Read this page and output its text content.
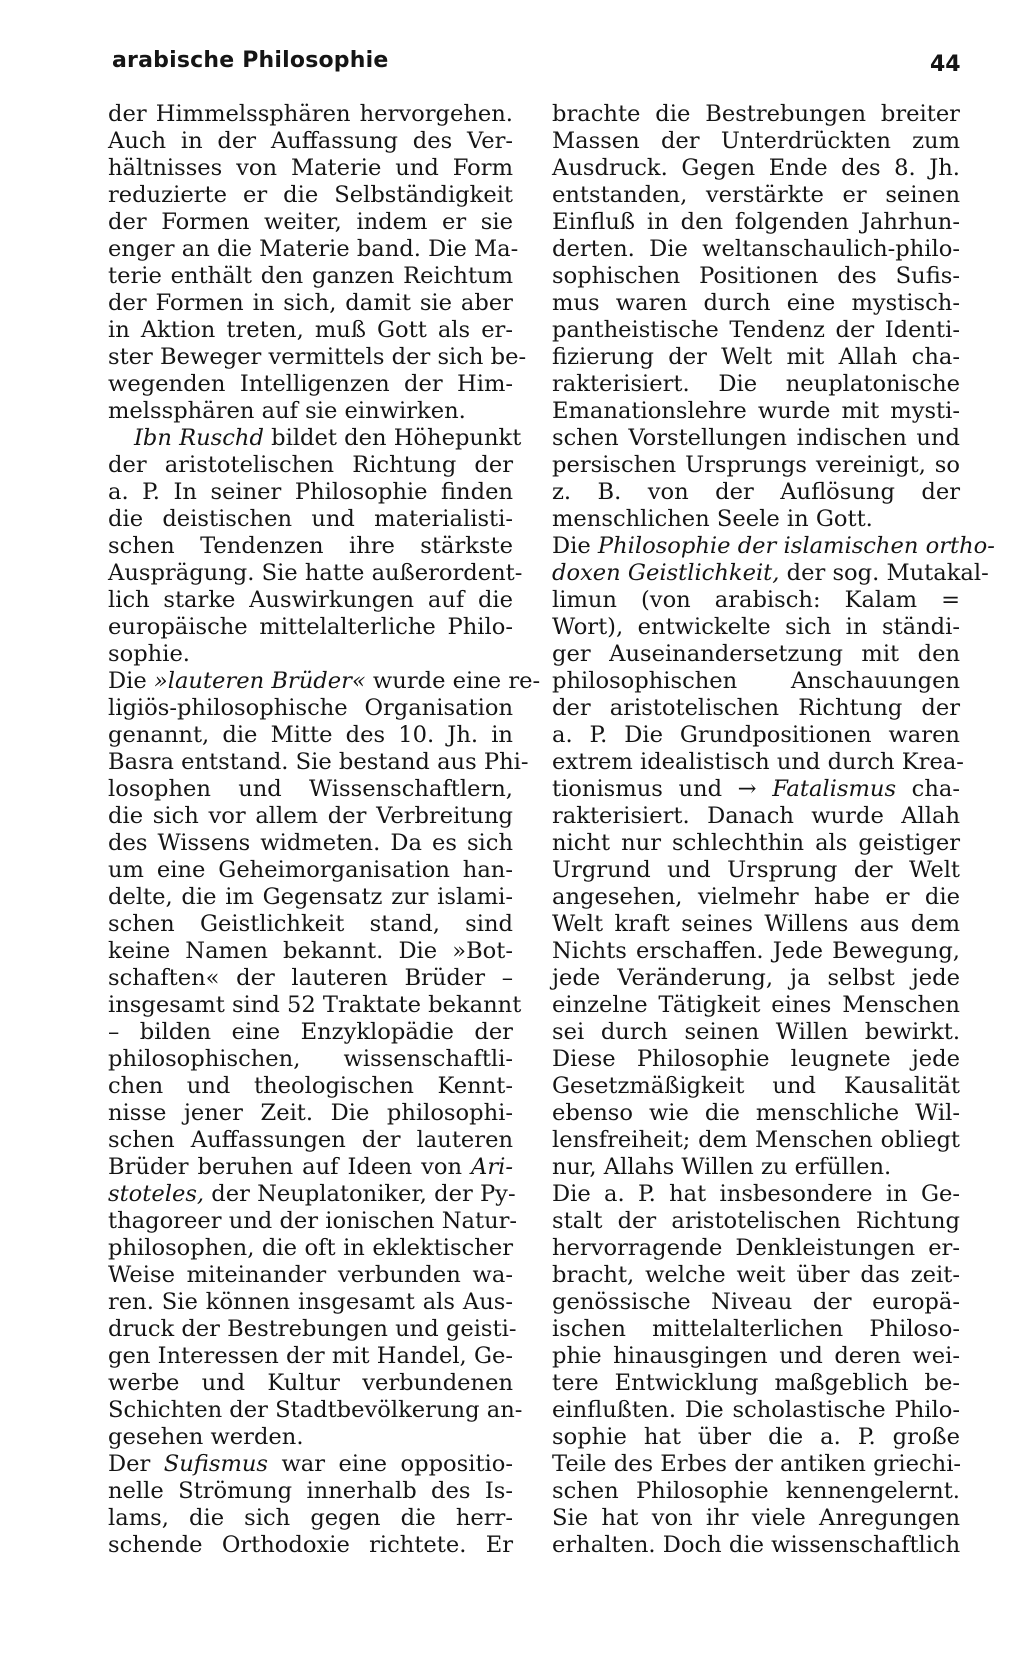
arabische Philosophie	44
der Himmelssphären hervorgehen.
Auch in der Auffassung des Ver-
hältnisses von Materie und Form
reduzierte er die Selbständigkeit
der Formen weiter, indem er sie
enger an die Materie band. Die Ma-
terie enthält den ganzen Reichtum
der Formen in sich, damit sie aber
in Aktion treten, muß Gott als er-
ster Beweger vermittels der sich be-
wegenden Intelligenzen der Him-
melssphären auf sie einwirken.
Ibn Ruschd bildet den Höhepunkt
der aristotelischen Richtung der
a. P. In seiner Philosophie finden
die deistischen und materialisti-
schen Tendenzen ihre stärkste
Ausprägung. Sie hatte außerordent-
lich starke Auswirkungen auf die
europäische mittelalterliche Philo-
sophie.
Die »lauteren Brüder« wurde eine re-
ligiös-philosophische Organisation
genannt, die Mitte des 10. Jh. in
Basra entstand. Sie bestand aus Phi-
losophen und Wissenschaftlern,
die sich vor allem der Verbreitung
des Wissens widmeten. Da es sich
um eine Geheimorganisation han-
delte, die im Gegensatz zur islami-
schen Geistlichkeit stand, sind
keine Namen bekannt. Die »Bot-
schaften« der lauteren Brüder –
insgesamt sind 52 Traktate bekannt
– bilden eine Enzyklopädie der
philosophischen, wissenschaftli-
chen und theologischen Kennt-
nisse jener Zeit. Die philosophi-
schen Auffassungen der lauteren
Brüder beruhen auf Ideen von Ari-
stoteles, der Neuplatoniker, der Py-
thagoreer und der ionischen Natur-
philosophen, die oft in eklektischer
Weise miteinander verbunden wa-
ren. Sie können insgesamt als Aus-
druck der Bestrebungen und geisti-
gen Interessen der mit Handel, Ge-
werbe und Kultur verbundenen
Schichten der Stadtbevölkerung an-
gesehen werden.
Der Sufismus war eine oppositio-
nelle Strömung innerhalb des Is-
lams, die sich gegen die herr-
schende Orthodoxie richtete. Er
brachte die Bestrebungen breiter
Massen der Unterdrückten zum
Ausdruck. Gegen Ende des 8. Jh.
entstanden, verstärkte er seinen
Einfluß in den folgenden Jahrhun-
derten. Die weltanschaulich-philo-
sophischen Positionen des Sufis-
mus waren durch eine mystisch-
pantheistische Tendenz der Identi-
fizierung der Welt mit Allah cha-
rakterisiert. Die neuplatonische
Emanationslehre wurde mit mysti-
schen Vorstellungen indischen und
persischen Ursprungs vereinigt, so
z. B. von der Auflösung der
menschlichen Seele in Gott.
Die Philosophie der islamischen ortho-
doxen Geistlichkeit, der sog. Mutakal-
limun (von arabisch: Kalam =
Wort), entwickelte sich in ständi-
ger Auseinandersetzung mit den
philosophischen Anschauungen
der aristotelischen Richtung der
a. P. Die Grundpositionen waren
extrem idealistisch und durch Krea-
tionismus und → Fatalismus cha-
rakterisiert. Danach wurde Allah
nicht nur schlechthin als geistiger
Urgrund und Ursprung der Welt
angesehen, vielmehr habe er die
Welt kraft seines Willens aus dem
Nichts erschaffen. Jede Bewegung,
jede Veränderung, ja selbst jede
einzelne Tätigkeit eines Menschen
sei durch seinen Willen bewirkt.
Diese Philosophie leugnete jede
Gesetzmäßigkeit und Kausalität
ebenso wie die menschliche Wil-
lensfreiheit; dem Menschen obliegt
nur, Allahs Willen zu erfüllen.
Die a. P. hat insbesondere in Ge-
stalt der aristotelischen Richtung
hervorragende Denkleistungen er-
bracht, welche weit über das zeit-
genössische Niveau der europä-
ischen mittelalterlichen Philoso-
phie hinausgingen und deren wei-
tere Entwicklung maßgeblich be-
einflußten. Die scholastische Philo-
sophie hat über die a. P. große
Teile des Erbes der antiken griechi-
schen Philosophie kennengelernt.
Sie hat von ihr viele Anregungen
erhalten. Doch die wissenschaftlich
